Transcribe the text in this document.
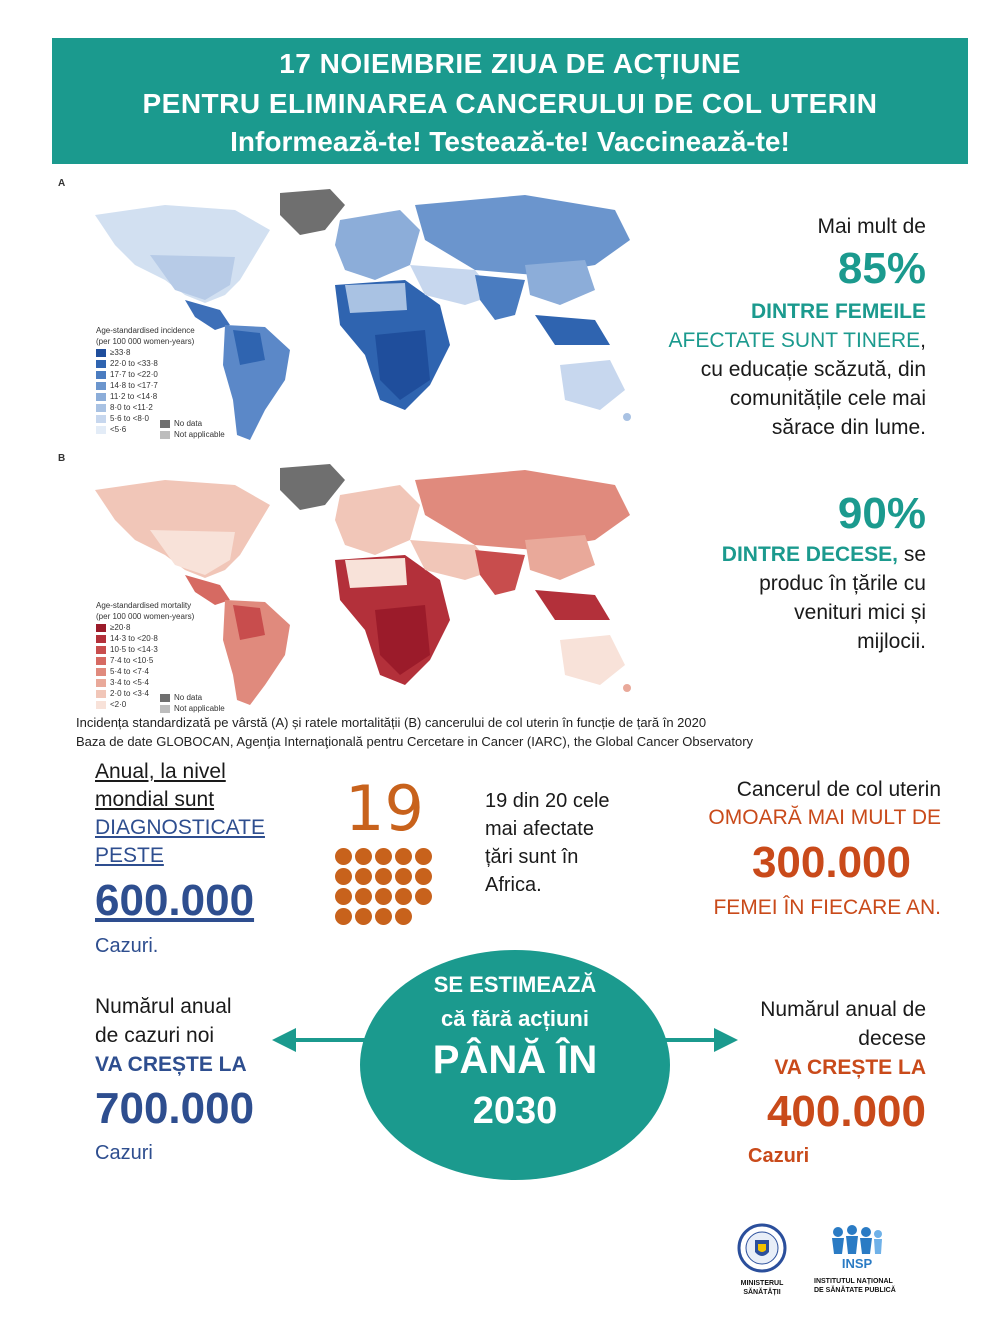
17 NOIEMBRIE ZIUA DE ACȚIUNE
PENTRU ELIMINAREA CANCERULUI DE COL UTERIN
Informează-te! Testează-te! Vaccinează-te!
A
Age-standardised incidence
(per 100 000 women-years)
≥33·8
22·0 to <33·8
17·7 to <22·0
14·8 to <17·7
11·2 to <14·8
8·0 to <11·2
5·6 to <8·0
<5·6
No data
Not applicable
B
Age-standardised mortality
(per 100 000 women-years)
≥20·8
14·3 to <20·8
10·5 to <14·3
7·4 to <10·5
5·4 to <7·4
3·4 to <5·4
2·0 to <3·4
<2·0
No data
Not applicable
Mai mult de
85%
DINTRE FEMEILE
AFECTATE SUNT TINERE,
cu educație scăzută, din
comunitățile cele mai
sărace din lume.
90%
DINTRE DECESE, se
produc în țările cu
venituri mici și
mijlocii.
Incidența standardizată pe vârstă (A) și ratele mortalității (B) cancerului de col uterin în funcție de țară în 2020
Baza de date GLOBOCAN, Agenţia Internaţională pentru Cercetare in Cancer (IARC), the Global Cancer Observatory
Anual, la nivel
mondial sunt
DIAGNOSTICATE
PESTE
600.000
Cazuri.
19	19 din 20 cele
mai afectate
țări sunt în
Africa.
Cancerul de col uterin
OMOARĂ MAI MULT DE
300.000
FEMEI ÎN FIECARE AN.
SE ESTIMEAZĂ
că fără acțiuni
PÂNĂ ÎN
2030
Numărul anual
de cazuri noi
VA CREȘTE LA
700.000
Cazuri
Numărul anual de
decese
VA CREȘTE LA
400.000
Cazuri
MINISTERUL SĂNĂTĂȚII
INSP
INSTITUTUL NAȚIONAL
DE SĂNĂTATE PUBLICĂ
